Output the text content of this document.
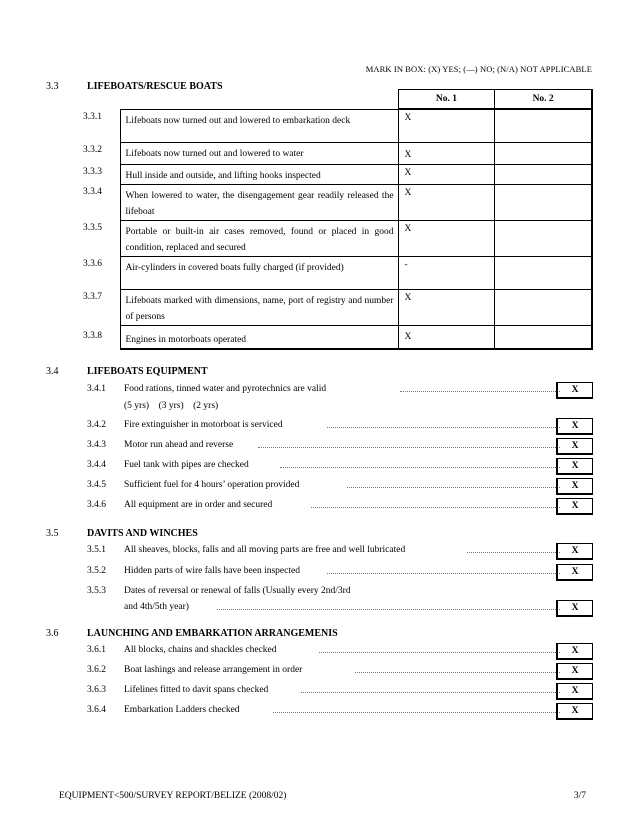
MARK IN BOX: (X) YES; (—) NO; (N/A) NOT APPLICABLE
3.3	LIFEBOATS/RESCUE BOATS
		No. 1	No. 2
3.3.1	Lifeboats now turned out and lowered to embarkation deck	X	
3.3.2	Lifeboats now turned out and lowered to water	X	
3.3.3	Hull inside and outside, and lifting hooks inspected	X	
3.3.4	When lowered to water, the disengagement gear readily released the lifeboat	X	
3.3.5	Portable or built-in air cases removed, found or placed in good condition, replaced and secured	X	
3.3.6	Air-cylinders in covered boats fully charged (if provided)	-	
3.3.7	Lifeboats marked with dimensions, name, port of registry and number of persons	X	
3.3.8	Engines in motorboats operated	X	
3.4	LIFEBOATS EQUIPMENT
3.4.1 Food rations, tinned water and pyrotechnics are valid	X
(5 yrs)    (3 yrs)    (2 yrs)
3.4.2 Fire extinguisher in motorboat is serviced	X
3.4.3 Motor run ahead and reverse	X
3.4.4 Fuel tank with pipes are checked	X
3.4.5 Sufficient fuel for 4 hours’ operation provided	X
3.4.6 All equipment are in order and secured	X
3.5	DAVITS AND WINCHES
3.5.1 All sheaves, blocks, falls and all moving parts are free and well lubricated	X
3.5.2 Hidden parts of wire falls have been inspected	X
3.5.3 Dates of reversal or renewal of falls (Usually every 2nd/3rd
and 4th/5th year)	X
3.6	LAUNCHING AND EMBARKATION ARRANGEMENIS
3.6.1 All blocks, chains and shackles checked	X
3.6.2 Boat lashings and release arrangement in order	X
3.6.3 Lifelines fitted to davit spans checked	X
3.6.4 Embarkation Ladders checked	X
EQUIPMENT<500/SURVEY REPORT/BELIZE (2008/02)	3/7
